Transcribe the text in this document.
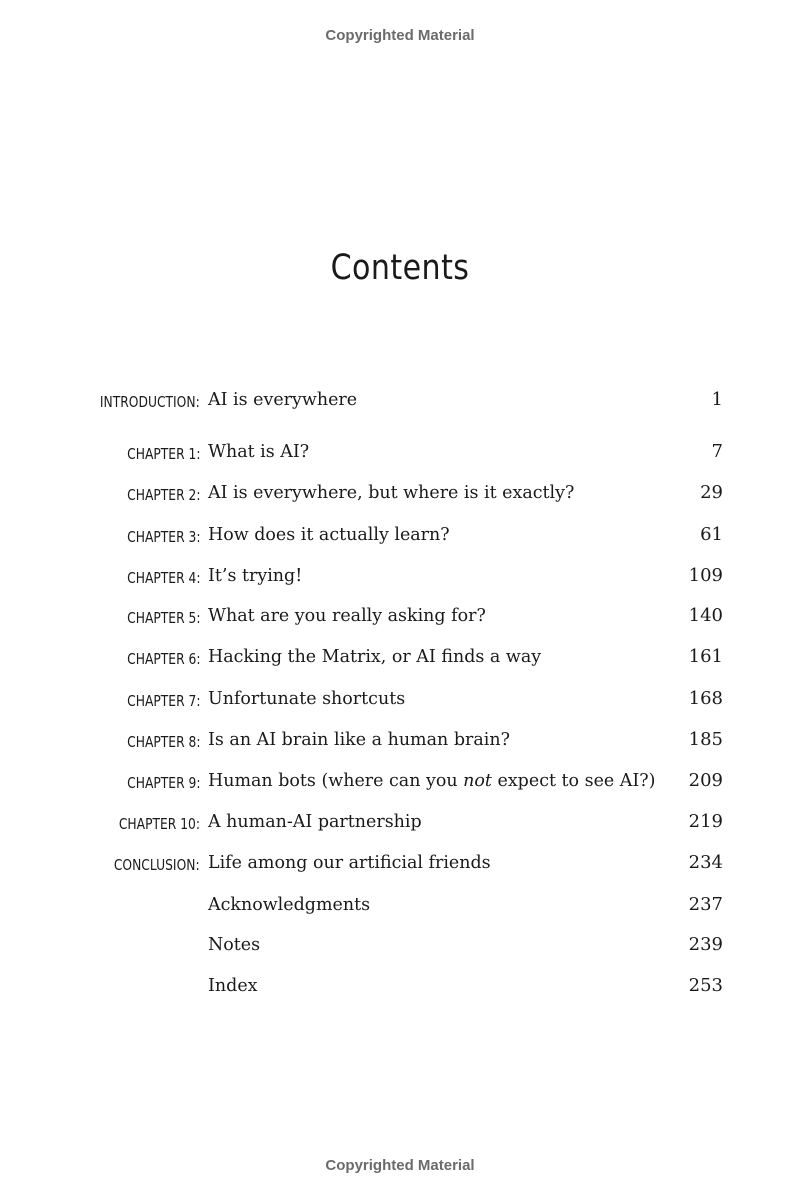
Copyrighted Material
Contents
INTRODUCTION: AI is everywhere	1
CHAPTER 1: What is AI?	7
CHAPTER 2: AI is everywhere, but where is it exactly?	29
CHAPTER 3: How does it actually learn?	61
CHAPTER 4: It’s trying!	109
CHAPTER 5: What are you really asking for?	140
CHAPTER 6: Hacking the Matrix, or AI finds a way	161
CHAPTER 7: Unfortunate shortcuts	168
CHAPTER 8: Is an AI brain like a human brain?	185
CHAPTER 9: Human bots (where can you not expect to see AI?) 209
CHAPTER 10: A human-AI partnership	219
CONCLUSION: Life among our artificial friends	234
Acknowledgments	237
Notes	239
Index	253
Copyrighted Material
